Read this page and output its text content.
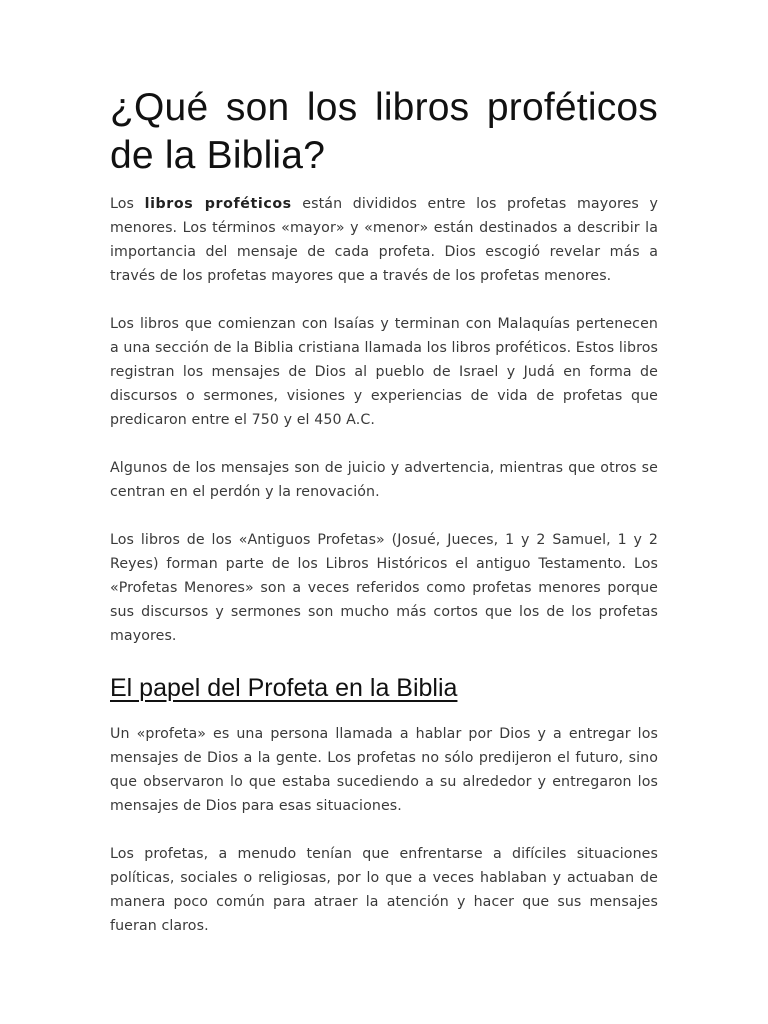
¿Qué son los libros proféticos de la Biblia?

Los libros proféticos están divididos entre los profetas mayores y menores. Los términos «mayor» y «menor» están destinados a describir la importancia del mensaje de cada profeta. Dios escogió revelar más a través de los profetas mayores que a través de los profetas menores.

Los libros que comienzan con Isaías y terminan con Malaquías pertenecen a una sección de la Biblia cristiana llamada los libros proféticos. Estos libros registran los mensajes de Dios al pueblo de Israel y Judá en forma de discursos o sermones, visiones y experiencias de vida de profetas que predicaron entre el 750 y el 450 A.C.

Algunos de los mensajes son de juicio y advertencia, mientras que otros se centran en el perdón y la renovación.

Los libros de los «Antiguos Profetas» (Josué, Jueces, 1 y 2 Samuel, 1 y 2 Reyes) forman parte de los Libros Históricos el antiguo Testamento. Los «Profetas Menores» son a veces referidos como profetas menores porque sus discursos y sermones son mucho más cortos que los de los profetas mayores.

El papel del Profeta en la Biblia

Un «profeta» es una persona llamada a hablar por Dios y a entregar los mensajes de Dios a la gente. Los profetas no sólo predijeron el futuro, sino que observaron lo que estaba sucediendo a su alrededor y entregaron los mensajes de Dios para esas situaciones.

Los profetas, a menudo tenían que enfrentarse a difíciles situaciones políticas, sociales o religiosas, por lo que a veces hablaban y actuaban de manera poco común para atraer la atención y hacer que sus mensajes fueran claros.
